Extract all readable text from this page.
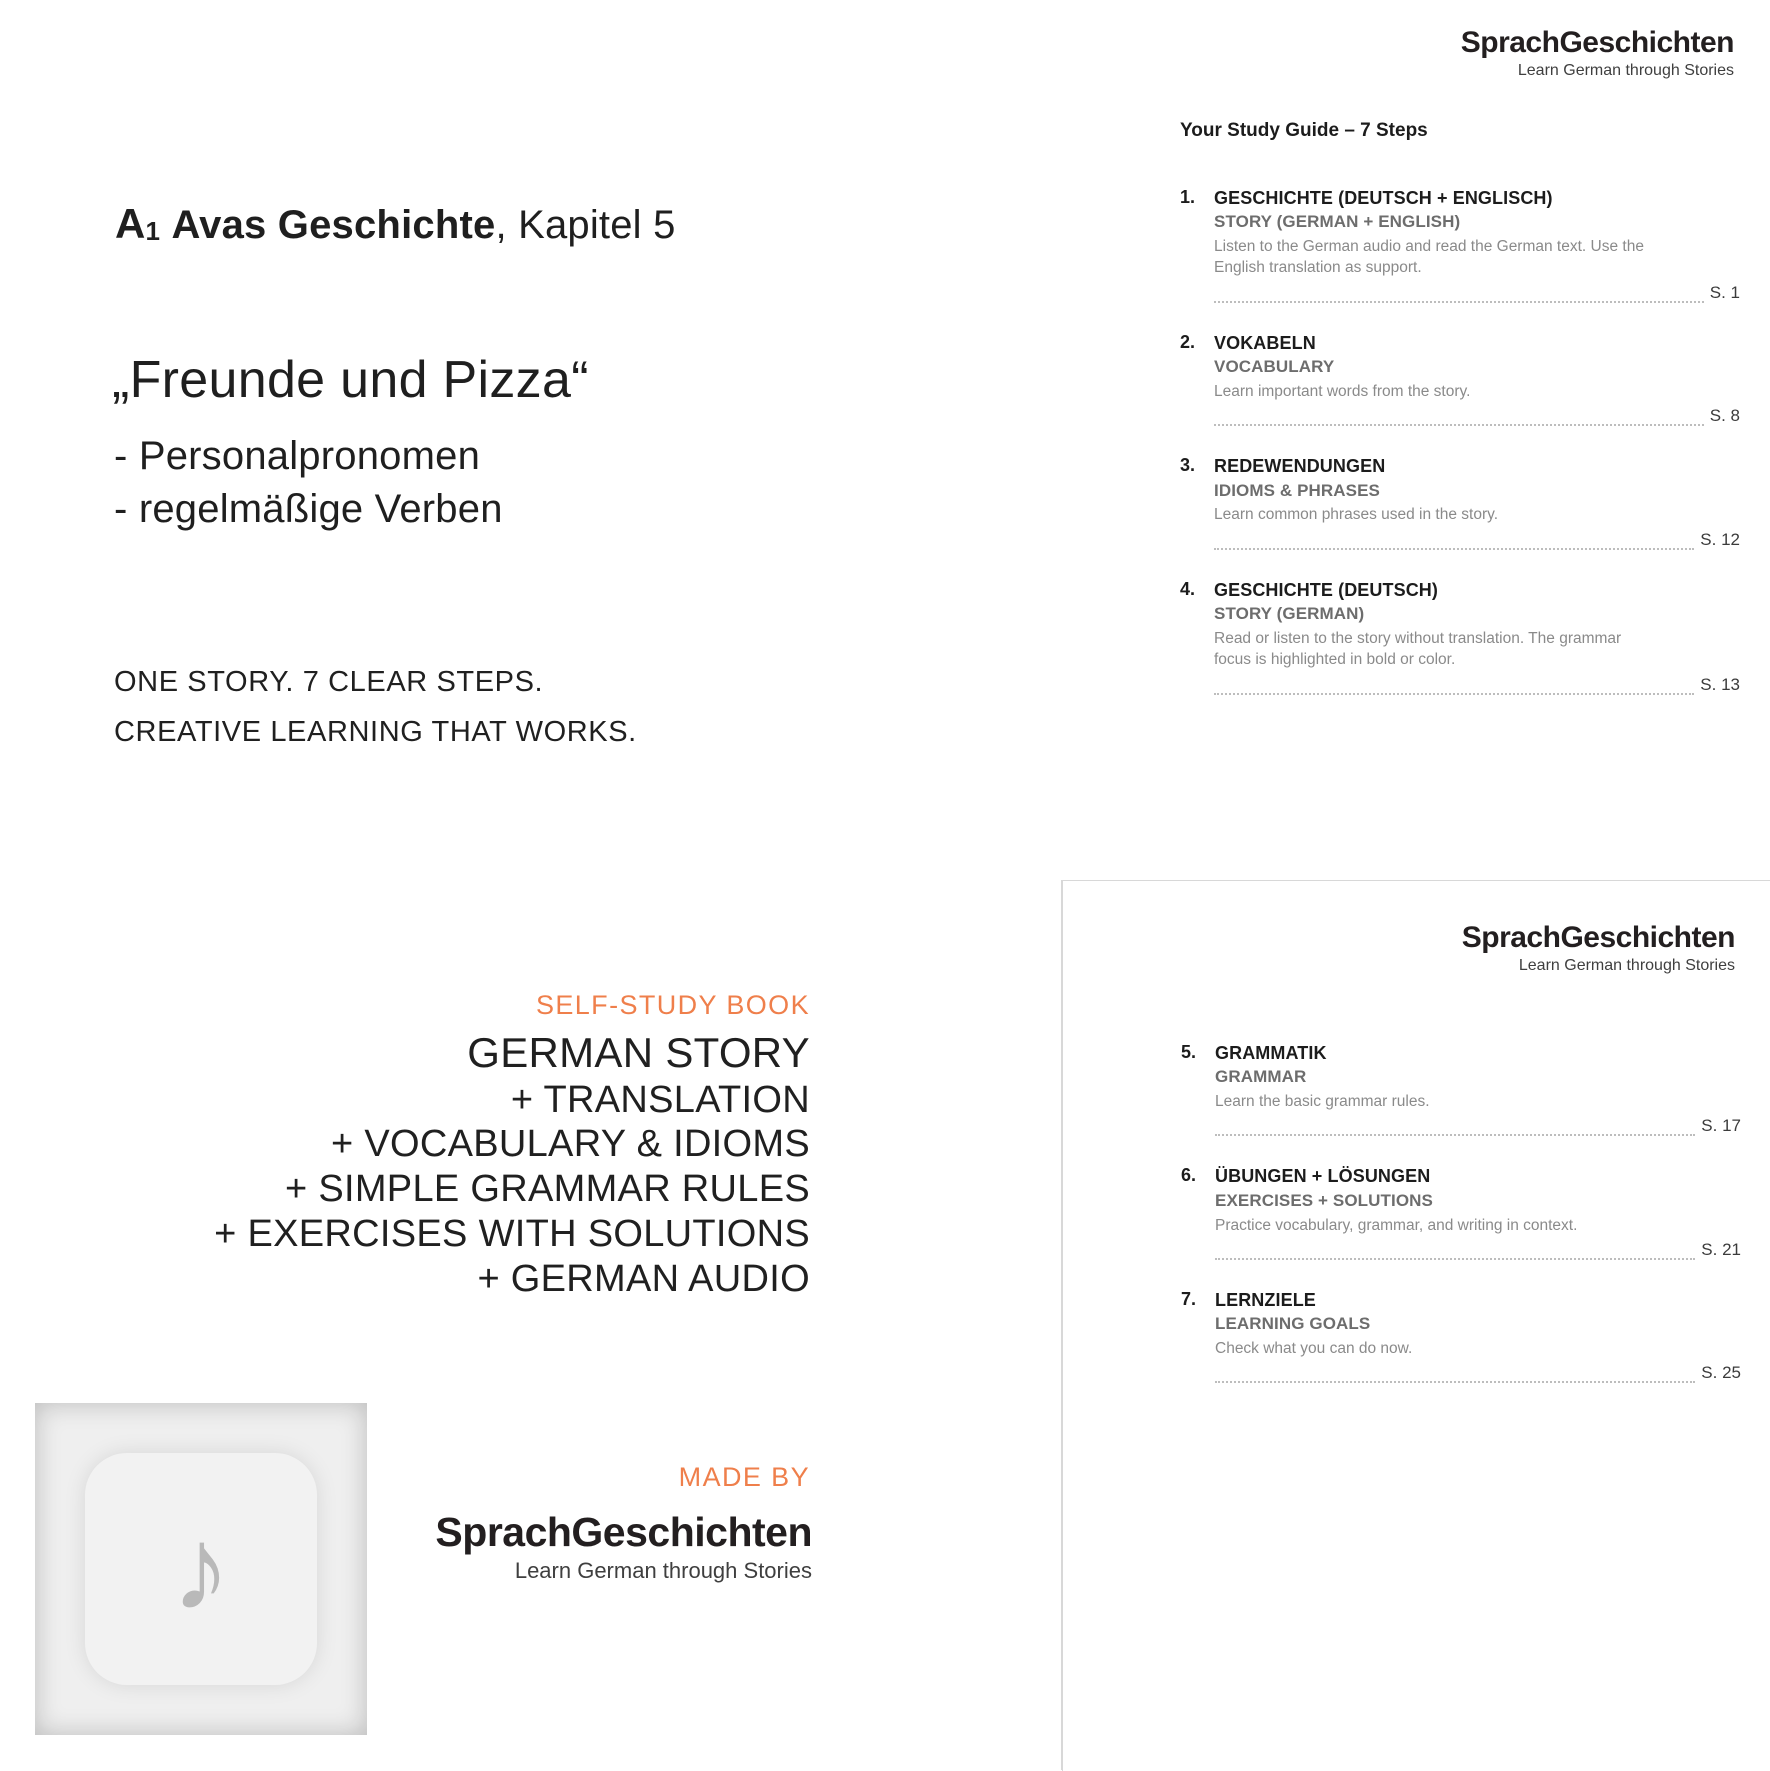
$A_1$ Avas Geschichte, Kapitel 5
„Freunde und Pizza“
- Personalpronomen
- regelmäßige Verben
ONE STORY. 7 CLEAR STEPS.
CREATIVE LEARNING THAT WORKS.
SELF-STUDY BOOK
GERMAN STORY
+ TRANSLATION
+ VOCABULARY & IDIOMS
+ SIMPLE GRAMMAR RULES
+ EXERCISES WITH SOLUTIONS
+ GERMAN AUDIO
MADE BY
SprachGeschichten
Learn German through Stories
♪
SprachGeschichten
Learn German through Stories
Your Study Guide – 7 Steps
1.	GESCHICHTE (DEUTSCH + ENGLISCH)
STORY (GERMAN + ENGLISH)
Listen to the German audio and read the German text. Use the English translation as support.
S. 1
2.	VOKABELN
VOCABULARY
Learn important words from the story.
S. 8
3.	REDEWENDUNGEN
IDIOMS & PHRASES
Learn common phrases used in the story.
S. 12
4.	GESCHICHTE (DEUTSCH)
STORY (GERMAN)
Read or listen to the story without translation. The grammar focus is highlighted in bold or color.
S. 13
SprachGeschichten
Learn German through Stories
5.	GRAMMATIK
GRAMMAR
Learn the basic grammar rules.
S. 17
6.	ÜBUNGEN + LÖSUNGEN
EXERCISES + SOLUTIONS
Practice vocabulary, grammar, and writing in context.
S. 21
7.	LERNZIELE
LEARNING GOALS
Check what you can do now.
S. 25
